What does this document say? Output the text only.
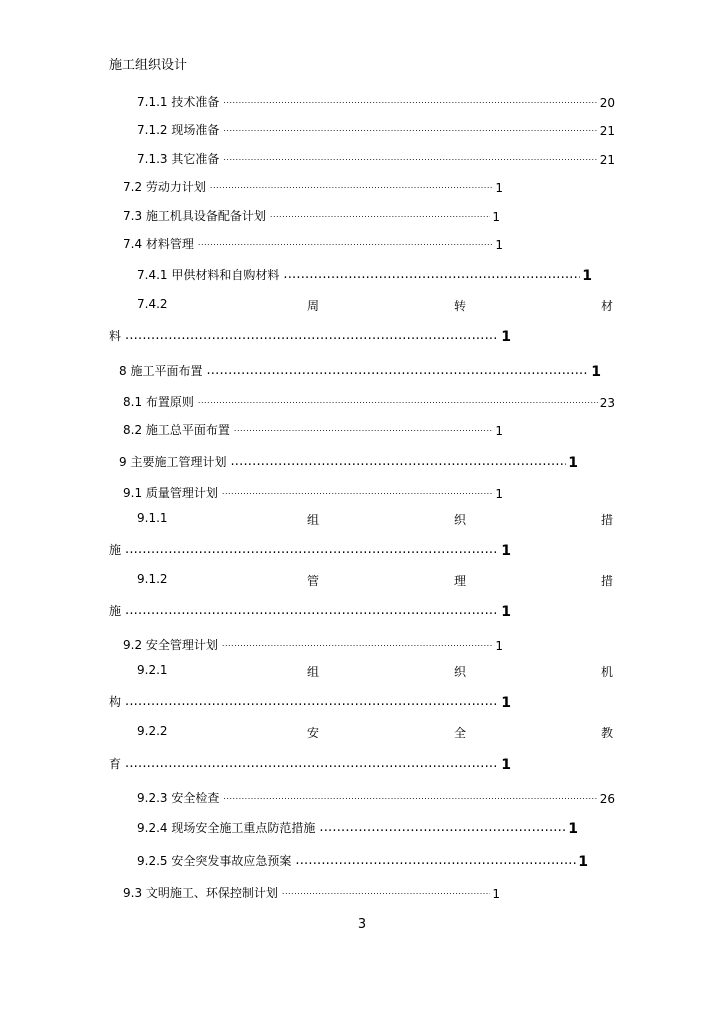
施工组织设计
7.1.1 技术准备 .....	20
7.1.2 现场准备 .....	21
7.1.3 其它准备 .....	21
7.2 劳动力计划 .....	1
7.3 施工机具设备配备计划 .....	1
7.4 材料管理 .....	1
7.4.1 甲供材料和自购材料 .....	1
7.4.2	周	转	材
料 .....	1
8 施工平面布置 .....	1
8.1 布置原则 .....	23
8.2 施工总平面布置 .....	1
9 主要施工管理计划 .....	1
9.1 质量管理计划 .....	1
9.1.1	组	织	措
施 .....	1
9.1.2	管	理	措
施 .....	1
9.2 安全管理计划 .....	1
9.2.1	组	织	机
构 .....	1
9.2.2	安	全	教
育 .....	1
9.2.3 安全检查 .....	26
9.2.4 现场安全施工重点防范措施 .....	1
9.2.5 安全突发事故应急预案 .....	1
9.3 文明施工、环保控制计划 .....	1
3
